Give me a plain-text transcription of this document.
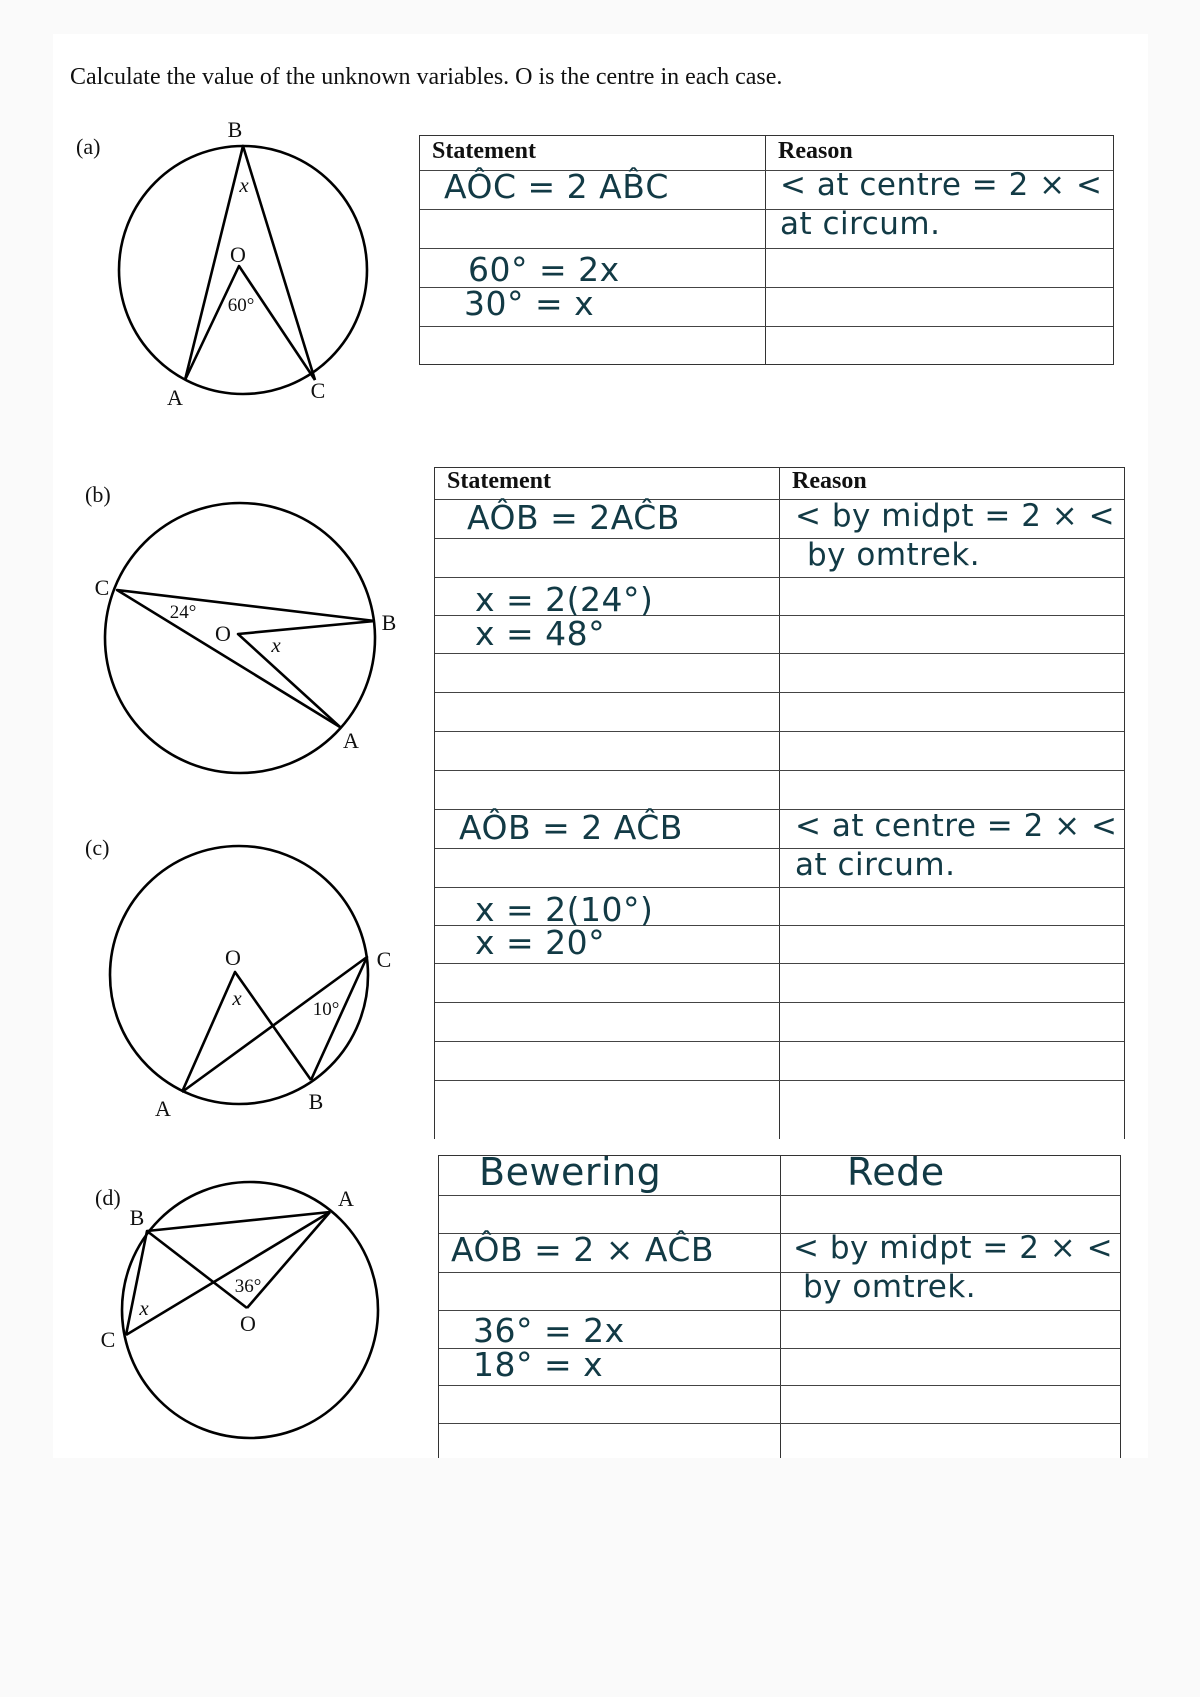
Calculate the value of the unknown variables. O is the centre in each case.
(a)
B
A	C
O
60°
x
Statement	Reason
AÔC = 2 AB̂C	< at centre = 2 × <
at circum.
60° = 2x
30° = x
(b)
C
B
A
O
24°
x
Statement	Reason
AÔB = 2AĈB	< by midpt = 2 × <
by omtrek.
x = 2(24°)
x = 48°
AÔB = 2 AĈB	< at centre = 2 × <
at circum.
x = 2(10°)
x = 20°
(c)
O	C
A	B
10°
x
(d)
B
A
C
O
36°
x
Bewering	Rede
AÔB = 2 × AĈB	< by midpt = 2 × <
by omtrek.
36° = 2x
18° = x
